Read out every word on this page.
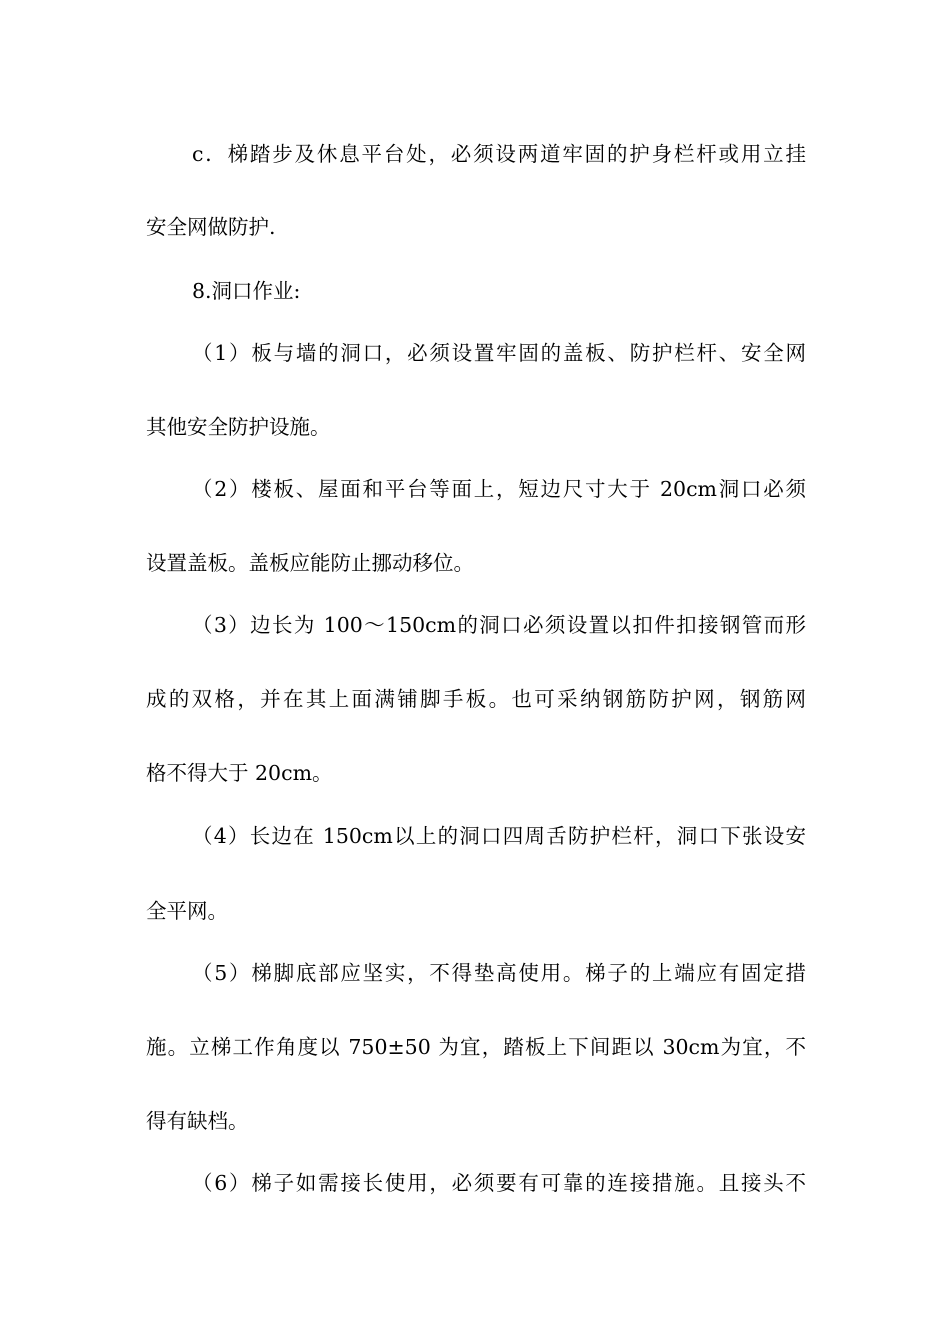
c．梯踏步及休息平台处，必须设两道牢固的护身栏杆或用立挂

安全网做防护.

8.洞口作业:

（1）板与墙的洞口，必须设置牢固的盖板、防护栏杆、安全网

其他安全防护设施。

（2）楼板、屋面和平台等面上，短边尺寸大于 20cm洞口必须

设置盖板。盖板应能防止挪动移位。

（3）边长为 100～150cm的洞口必须设置以扣件扣接钢管而形

成的双格，并在其上面满铺脚手板。也可采纳钢筋防护网，钢筋网

格不得大于 20cm。

（4）长边在 150cm以上的洞口四周舌防护栏杆，洞口下张设安

全平网。

（5）梯脚底部应坚实，不得垫高使用。梯子的上端应有固定措

施。立梯工作角度以 750±50 为宜，踏板上下间距以 30cm为宜，不

得有缺档。

（6）梯子如需接长使用，必须要有可靠的连接措施。且接头不
